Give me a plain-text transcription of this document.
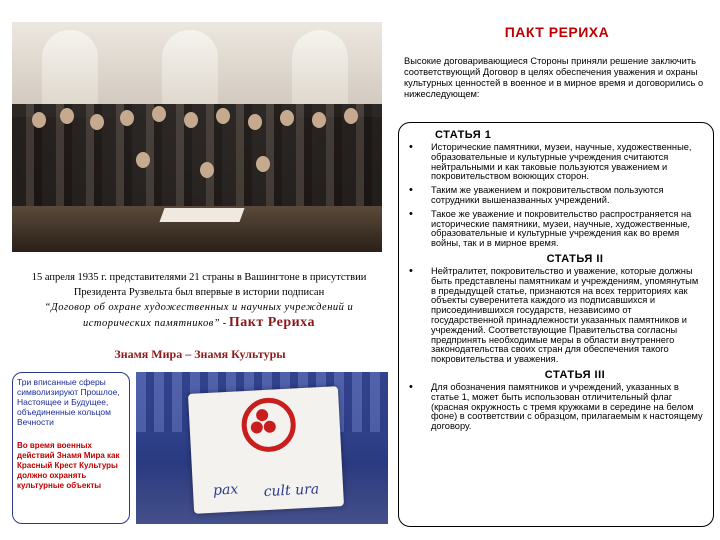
15 апреля 1935 г. представителями 21 страны в Вашингтоне в присутствии Президента Рузвельта был впервые в истории подписан
“Договор об охране художественных и научных учреждений и исторических памятников” - Пакт Рериха
Знамя Мира – Знамя Культуры
Три вписанные сферы символизируют Прошлое, Настоящее и Будущее, объединенные кольцом Вечности
Во время военных действий Знамя Мира как Красный Крест Культуры должно охранять культурные объекты	pax cult ura
ПАКТ РЕРИХА
Высокие договаривающиеся Стороны приняли решение заключить соответствующий Договор в целях обеспечения уважения и охраны культурных ценностей в военное и в мирное время и договорились о нижеследующем:
СТАТЬЯ 1
• Исторические памятники, музеи, научные, художественные, образовательные и культурные учреждения считаются нейтральными и как таковые пользуются уважением и покровительством воюющих сторон.
• Таким же уважением и покровительством пользуются сотрудники вышеназванных учреждений.
• Такое же уважение и покровительство распространяется на исторические памятники, музеи, научные, художественные, образовательные и культурные учреждения как во время войны, так и в мирное время.
СТАТЬЯ II
• Нейтралитет, покровительство и уважение, которые должны быть представлены памятникам и учреждениям, упомянутым в предыдущей статье, признаются на всех территориях как объекты суверенитета каждого из подписавшихся и присоединившихся государств, независимо от государственной принадлежности указанных памятников и учреждений. Соответствующие Правительства согласны предпринять необходимые меры в области внутреннего законодательства своих стран для обеспечения такого покровительства и уважения.
СТАТЬЯ III
• Для обозначения памятников и учреждений, указанных в статье 1, может быть использован отличительный флаг (красная окружность с тремя кружками в середине на белом фоне) в соответствии с образцом, прилагаемым к настоящему договору.
